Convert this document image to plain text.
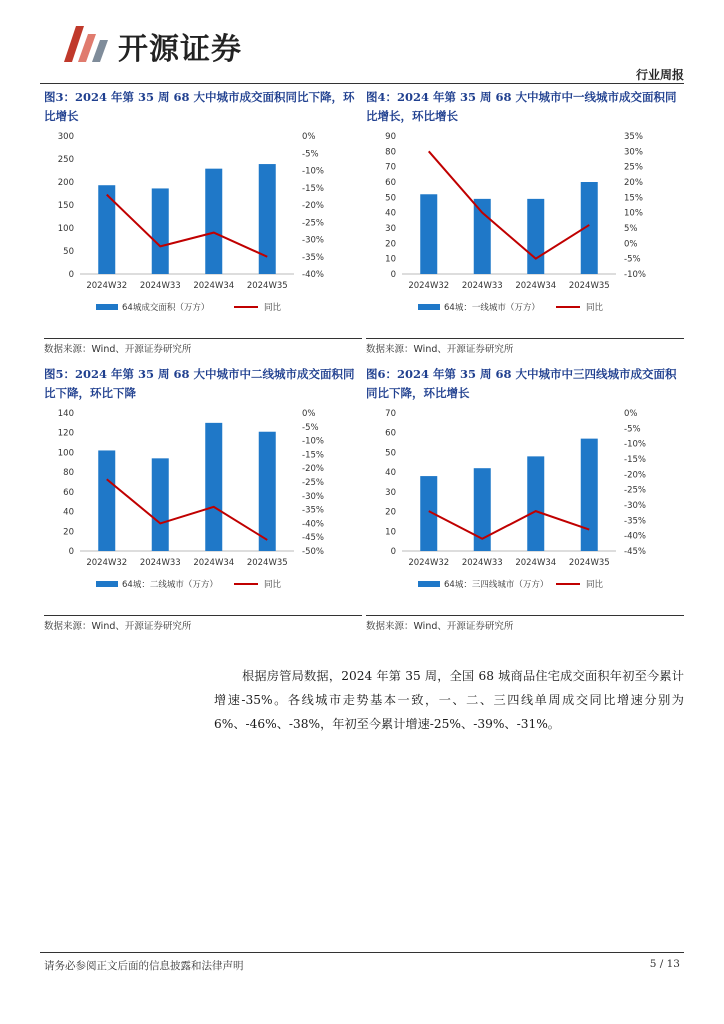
开源证券
行业周报
图3：2024 年第 35 周 68 大中城市成交面积同比下降，环比增长
0
50
100
150
200
250
300	0%
-5%
-10%
-15%
-20%
-25%
-30%
-35%
-40%
2024W32 2024W33 2024W34 2024W35
64城成交面积（万方）	同比
数据来源：Wind、开源证券研究所
图4：2024 年第 35 周 68 大中城市中一线城市成交面积同比增长，环比增长
0
10
20
30
40
50
60
70
80
90	35%
30%
25%
20%
15%
10%
5%
0%
-5%
-10%
2024W32 2024W33 2024W34 2024W35
64城：一线城市（万方）	同比
数据来源：Wind、开源证券研究所
图5：2024 年第 35 周 68 大中城市中二线城市成交面积同比下降，环比下降
0
20
40
60
80
100
120
140	0%
-5%
-10%
-15%
-20%
-25%
-30%
-35%
-40%
-45%
-50%
2024W32 2024W33 2024W34 2024W35
64城：二线城市（万方）	同比
数据来源：Wind、开源证券研究所
图6：2024 年第 35 周 68 大中城市中三四线城市成交面积同比下降，环比增长
0
10
20
30
40
50
60
70	0%
-5%
-10%
-15%
-20%
-25%
-30%
-35%
-40%
-45%
2024W32 2024W33 2024W34 2024W35
64城：三四线城市（万方）	同比
数据来源：Wind、开源证券研究所
根据房管局数据，2024 年第 35 周，全国 68 城商品住宅成交面积年初至今累计增速-35%。各线城市走势基本一致，一、二、三四线单周成交同比增速分别为 6%、-46%、-38%，年初至今累计增速-25%、-39%、-31%。
请务必参阅正文后面的信息披露和法律声明	5 / 13
